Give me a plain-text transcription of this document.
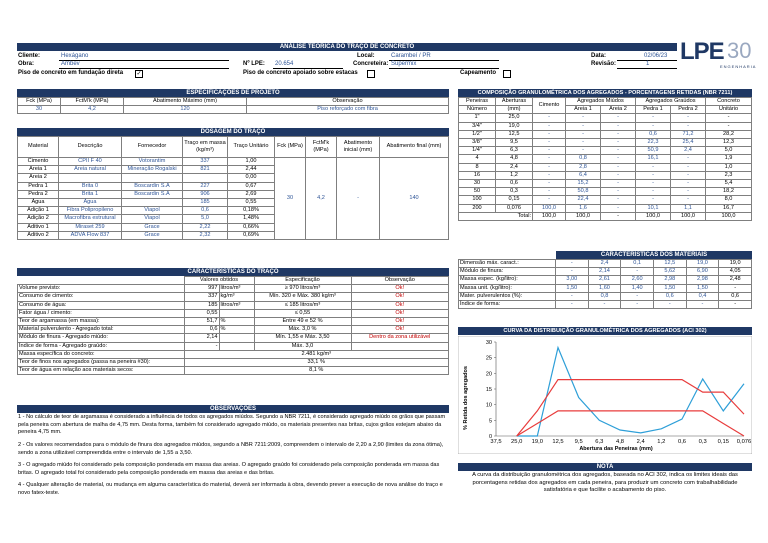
LPE 30
ENGENHARIA
ANÁLISE TEÓRICA DO TRAÇO DE CONCRETO
Cliente:	Hexágano
Obra:	Ambev
Local:	Carambeí / PR	Data:	02/06/23
Nº LPE: 20.654	Concreteira: Supermix	Revisão:	1
Piso de concreto em fundação direta ✓	Piso de concreto apoiado sobre estacas	Capeamento
ESPECIFICAÇÕES DE PROJETO
Fck (MPa)	FctM'k (MPa)	Abatimento Máximo (mm)	Observação
30	4,2	120	Piso reforçado com fibra
DOSAGEM DO TRAÇO
Material	Descrição	Fornecedor	Traço em massa (kg/m³)	Traço Unitário	Fck (MPa)	FctM'k (MPa)	Abatimento inicial (mm)	Abatimento final (mm)
Cimento	CPII F 40	Votorantim	337	1,00	30	4,2	-	140
Areia 1	Areia natural	Mineração Rogalski	821	2,44				
Areia 2				0,00				
Pedra 1	Brita 0	Boscardin S.A	227	0,67				
Pedra 2	Brita 1	Boscardin S.A	906	2,69				
Água	Água		185	0,55				
Adição 1	Fibra Polipropileno	Viapol	0,6	0,18%				
Adição 2	Macrofibra estrutural	Viapol	5,0	1,48%				
Aditivo 1	Miraset 259	Grace	2,22	0,66%				
Aditivo 2	ADVA Flow 837	Grace	2,32	0,69%				
CARACTERÍSTICAS DO TRAÇO
	Valores obtidos		Especificação	Observação
Volume previsto:	997	litros/m³	≥ 970 litros/m³	Ok!
Consumo de cimento:	337	kg/m³	Mín. 320 e Máx. 380 kg/m³	Ok!
Consumo de água:	185	litros/m³	≤ 185 litros/m³	Ok!
Fator água / cimento:	0,55		≤ 0,55	Ok!
Teor de argamassa (em massa):	51,7	%	Entre 49 e 52 %	Ok!
Material pulverulento - Agregado total:	0,6	%	Máx. 3,0 %	Ok!
Módulo de finura - Agregado miúdo:	2,14		Mín. 1,55 e Máx. 3,50	Dentro da zona utilizável
Índice de forma - Agregado graúdo:	-		Máx. 3,0	
Massa específica do concreto:	2.481 kg/m³			
Teor de finos nos agregados (passa na peneira #30):	33,1 %			
Teor de água em relação aos materiais secos:	8,1 %			
OBSERVAÇÕES
1 - No cálculo de teor de argamassa é considerado a influência de todos os agregados miúdos. Segundo a NBR 7211, é considerado agregado miúdo os grãos que passam pela peneira com abertura de malha de 4,75 mm. Desta forma, também foi considerado agregado miúdo, os materiais presentes nas britas, cujos grãos estejam abaixo da peneira 4,75 mm.
2 - Os valores recomendados para o módulo de finura dos agregados miúdos, segundo a NBR 7211:2009, compreendem o intervalo de 2,20 a 2,90 (limites da zona ótima), sendo a zona utilizável compreendida entre o intervalo de 1,55 a 3,50.
3 - O agregado miúdo foi considerado pela composição ponderada em massa das areias. O agregado graúdo foi considerado pela composição ponderada em massa das britas. O agregado total foi considerado pela composição ponderada em massa das areias e das britas.
4 - Qualquer alteração de material, ou mudança em alguma característica do material, deverá ser informada à obra, devendo prever a execução de nova análise do traço e novo fatex-teste.
COMPOSIÇÃO GRANULOMÉTRICA DOS AGREGADOS - PORCENTAGENS RETIDAS (NBR 7211)
Peneiras	Aberturas	Cimento	Agregados Miúdos		Agregados Graúdos		Concreto
Número	(mm)		Areia 1	Areia 2	Pedra 1	Pedra 2	Unitário
1"	25,0	-	-	-	-	-	-
3/4"	19,0	-	-	-	-	-	-
1/2"	12,5	-	-	-	0,6	71,2	28,2
3/8"	9,5	-	-	-	22,3	25,4	12,3
1/4"	6,3	-	-	-	50,9	2,4	5,0
4	4,8	-	0,8	-	16,1	-	1,9
8	2,4	-	2,8	-	-	-	1,0
16	1,2	-	6,4	-	-	-	2,3
30	0,6	-	15,2	-	-	-	5,4
50	0,3	-	50,8	-	-	-	18,2
100	0,15	-	22,4	-	-	-	8,0
200	0,076	100,0	1,6	-	10,1	1,1	16,7
Total:		100,0	100,0	-	100,0	100,0	100,0
CARACTERÍSTICAS DOS MATERIAIS
Dimensão máx. caract.:	-	2,4	0,1	12,5	19,0	19,0
Módulo de finura:	-	2,14	-	5,62	6,90	4,05
Massa espec. (kg/litro):	3,00	2,61	2,60	2,98	2,98	2,48
Massa unit. (kg/litro):	1,50	1,60	1,40	1,50	1,50	-
Mater. pulverulentos (%):	-	0,8	-	0,6	0,4	0,6
Índice de forma:	-	-	-	-	-	-
CURVA DA DISTRIBUIÇÃO GRANULOMÉTRICA DOS AGREGADOS (ACI 302)
% Retida dos agregados
Abertura das Peneiras (mm)
0
5
10
15
20
25
30
37,5 25,0 19,0 12,5 9,5 6,3 4,8 2,4 1,2 0,6 0,3 0,15 0,076
NOTA
A curva da distribuição granulométrica dos agregados, baseada no ACI 302, indica os limites ideais das porcentagens retidas dos agregados em cada peneira, para produzir um concreto com trabalhabilidade satisfatória e que facilite o acabamento do piso.
